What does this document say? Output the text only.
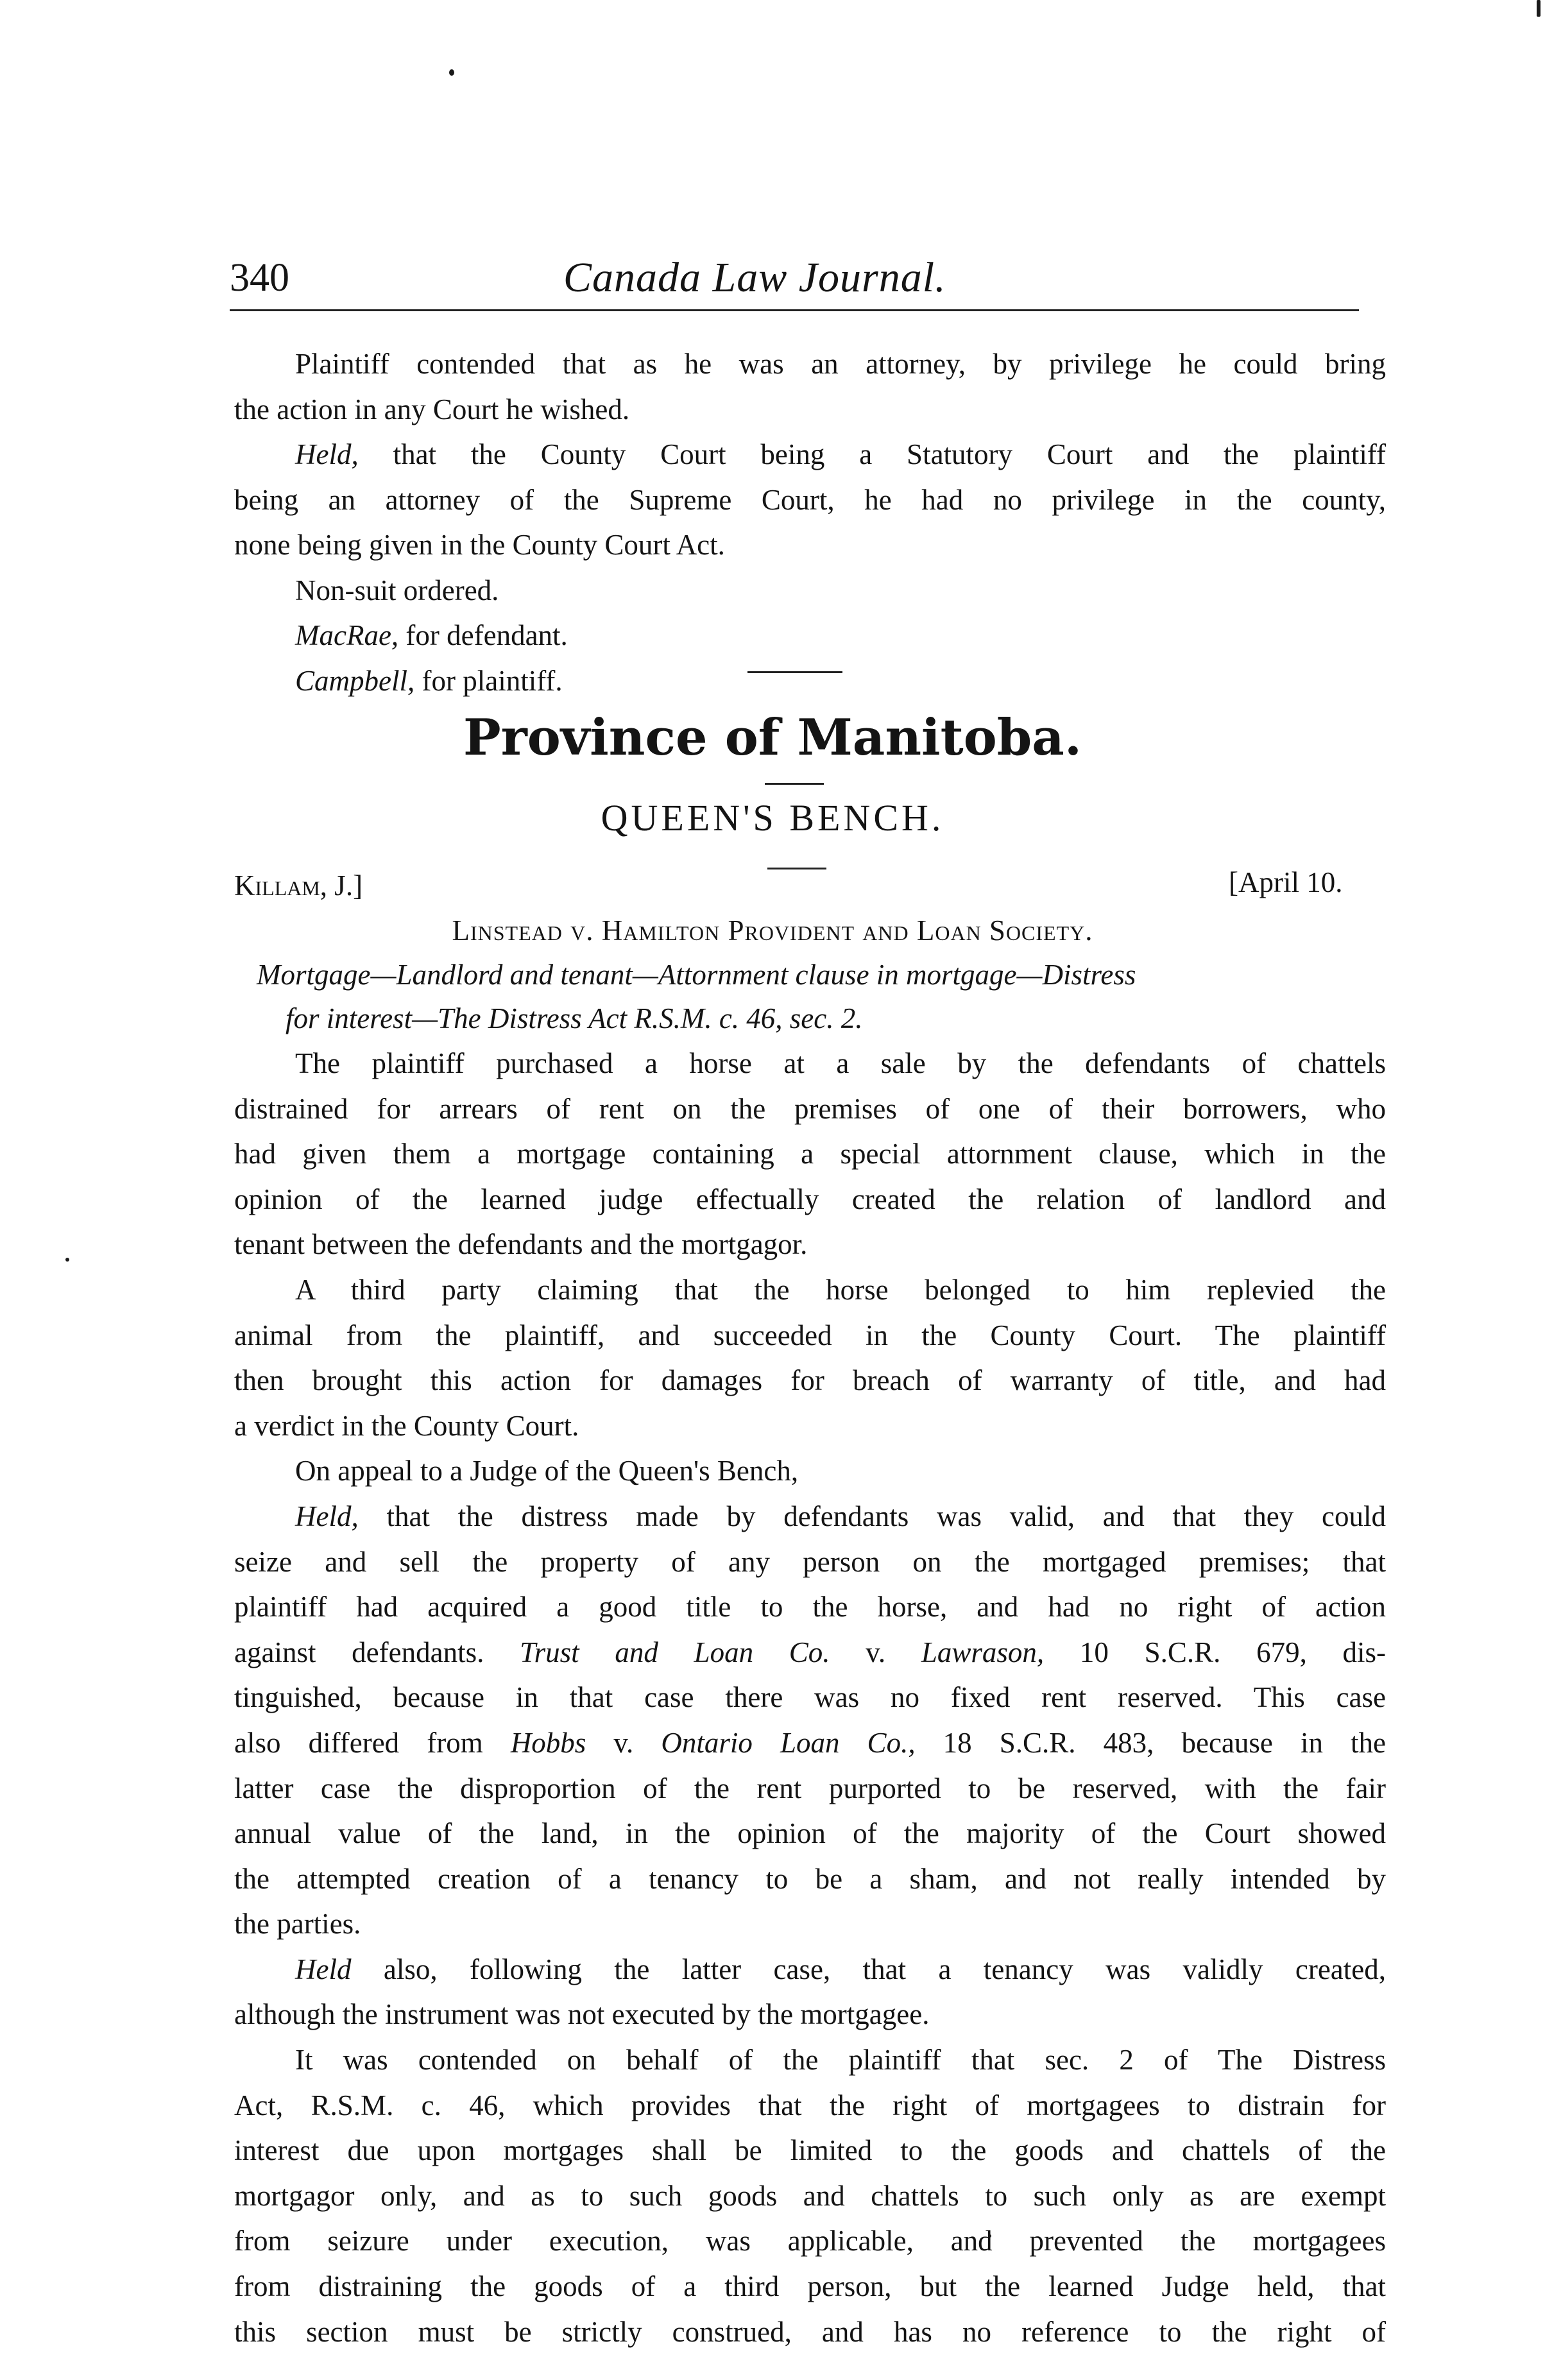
340	Canada Law Journal.

Plaintiff contended that as he was an attorney, by privilege he could bring

the action in any Court he wished.

Held, that the County Court being a Statutory Court and the plaintiff

being an attorney of the Supreme Court, he had no privilege in the county,

none being given in the County Court Act.

Non-suit ordered.

MacRae, for defendant.

Campbell, for plaintiff.

Province of Manitoba.
QUEEN'S BENCH.
Killam, J.]	[April 10.
Linstead v. Hamilton Provident and Loan Society.
Mortgage—Landlord and tenant—Attornment clause in mortgage—Distress
for interest—The Distress Act R.S.M. c. 46, sec. 2.

The plaintiff purchased a horse at a sale by the defendants of chattels

distrained for arrears of rent on the premises of one of their borrowers, who

had given them a mortgage containing a special attornment clause, which in the

opinion of the learned judge effectually created the relation of landlord and

tenant between the defendants and the mortgagor.

A third party claiming that the horse belonged to him replevied the

animal from the plaintiff, and succeeded in the County Court. The plaintiff

then brought this action for damages for breach of warranty of title, and had

a verdict in the County Court.

On appeal to a Judge of the Queen's Bench,

Held, that the distress made by defendants was valid, and that they could

seize and sell the property of any person on the mortgaged premises; that

plaintiff had acquired a good title to the horse, and had no right of action

against defendants. Trust and Loan Co. v. Lawrason, 10 S.C.R. 679, dis-

tinguished, because in that case there was no fixed rent reserved. This case

also differed from Hobbs v. Ontario Loan Co., 18 S.C.R. 483, because in the

latter case the disproportion of the rent purported to be reserved, with the fair

annual value of the land, in the opinion of the majority of the Court showed

the attempted creation of a tenancy to be a sham, and not really intended by

the parties.

Held also, following the latter case, that a tenancy was validly created,

although the instrument was not executed by the mortgagee.

It was contended on behalf of the plaintiff that sec. 2 of The Distress

Act, R.S.M. c. 46, which provides that the right of mortgagees to distrain for

interest due upon mortgages shall be limited to the goods and chattels of the

mortgagor only, and as to such goods and chattels to such only as are exempt

from seizure under execution, was applicable, and prevented the mortgagees

from distraining the goods of a third person, but the learned Judge held, that

this section must be strictly construed, and has no reference to the right of
